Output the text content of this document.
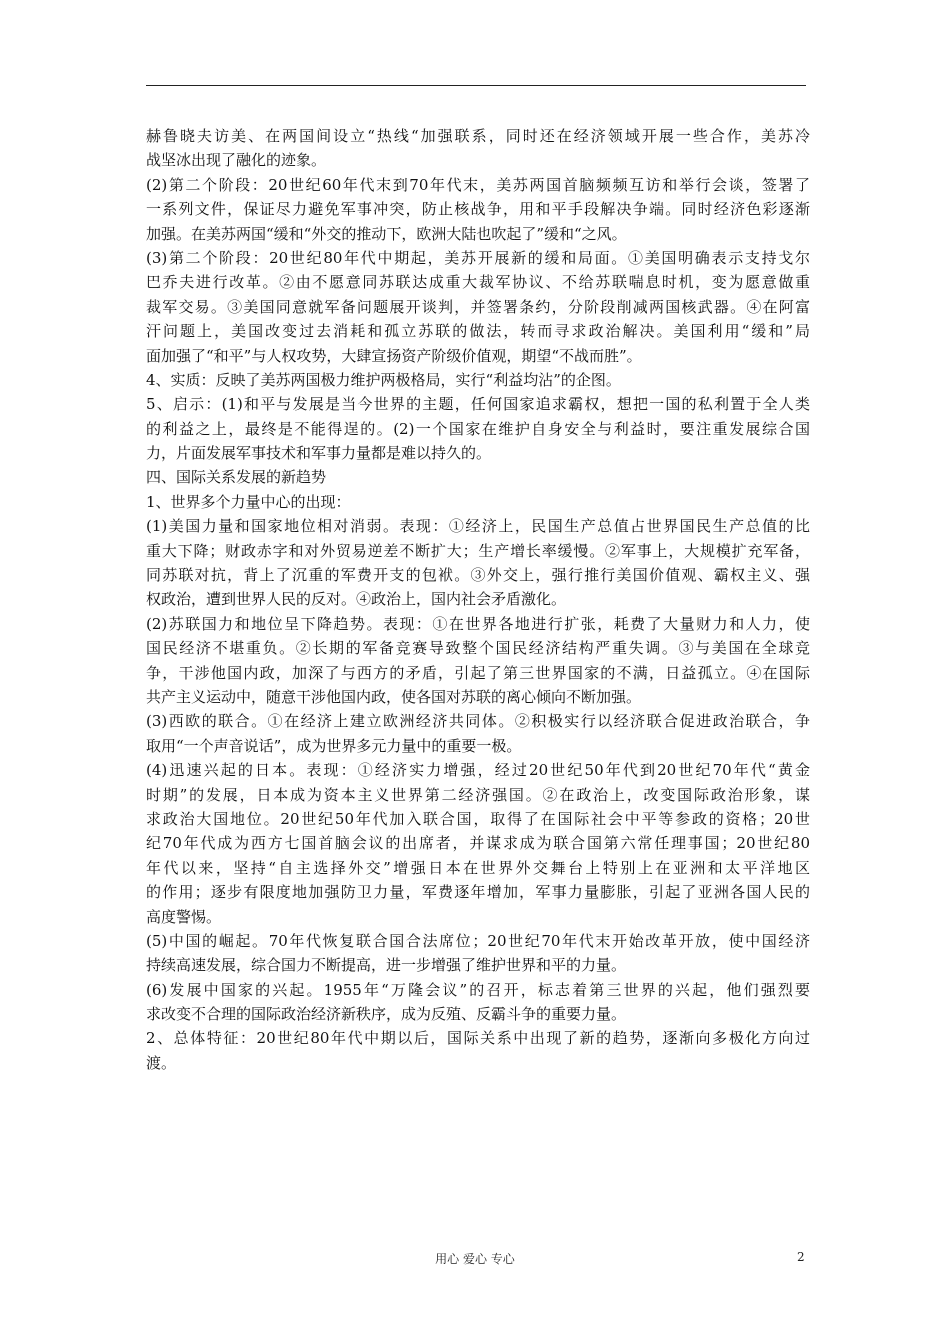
赫鲁晓夫访美、在两国间设立“热线“加强联系，同时还在经济领域开展一些合作，美苏冷
战坚冰出现了融化的迹象。
(2)第二个阶段：20世纪60年代末到70年代末，美苏两国首脑频频互访和举行会谈，签署了
一系列文件，保证尽力避免军事冲突，防止核战争，用和平手段解决争端。同时经济色彩逐渐
加强。在美苏两国“缓和“外交的推动下，欧洲大陆也吹起了”缓和“之风。
(3)第二个阶段：20世纪80年代中期起，美苏开展新的缓和局面。①美国明确表示支持戈尔
巴乔夫进行改革。②由不愿意同苏联达成重大裁军协议、不给苏联喘息时机，变为愿意做重
裁军交易。③美国同意就军备问题展开谈判，并签署条约，分阶段削减两国核武器。④在阿富
汗问题上，美国改变过去消耗和孤立苏联的做法，转而寻求政治解决。美国利用“缓和”局
面加强了“和平”与人权攻势，大肆宣扬资产阶级价值观，期望“不战而胜”。
4、实质：反映了美苏两国极力维护两极格局，实行“利益均沾”的企图。
5、启示：(1)和平与发展是当今世界的主题，任何国家追求霸权，想把一国的私利置于全人类
的利益之上，最终是不能得逞的。(2)一个国家在维护自身安全与利益时，要注重发展综合国
力，片面发展军事技术和军事力量都是难以持久的。
四、国际关系发展的新趋势
1、世界多个力量中心的出现：
(1)美国力量和国家地位相对消弱。表现：①经济上，民国生产总值占世界国民生产总值的比
重大下降；财政赤字和对外贸易逆差不断扩大；生产增长率缓慢。②军事上，大规模扩充军备，
同苏联对抗，背上了沉重的军费开支的包袱。③外交上，强行推行美国价值观、霸权主义、强
权政治，遭到世界人民的反对。④政治上，国内社会矛盾激化。
(2)苏联国力和地位呈下降趋势。表现：①在世界各地进行扩张，耗费了大量财力和人力，使
国民经济不堪重负。②长期的军备竞赛导致整个国民经济结构严重失调。③与美国在全球竞
争，干涉他国内政，加深了与西方的矛盾，引起了第三世界国家的不满，日益孤立。④在国际
共产主义运动中，随意干涉他国内政，使各国对苏联的离心倾向不断加强。
(3)西欧的联合。①在经济上建立欧洲经济共同体。②积极实行以经济联合促进政治联合，争
取用“一个声音说话”，成为世界多元力量中的重要一极。
(4)迅速兴起的日本。表现：①经济实力增强，经过20世纪50年代到20世纪70年代“黄金
时期”的发展，日本成为资本主义世界第二经济强国。②在政治上，改变国际政治形象，谋
求政治大国地位。20世纪50年代加入联合国，取得了在国际社会中平等参政的资格；20世
纪70年代成为西方七国首脑会议的出席者，并谋求成为联合国第六常任理事国；20世纪80
年代以来，坚持“自主选择外交”增强日本在世界外交舞台上特别上在亚洲和太平洋地区
的作用；逐步有限度地加强防卫力量，军费逐年增加，军事力量膨胀，引起了亚洲各国人民的
高度警惕。
(5)中国的崛起。70年代恢复联合国合法席位；20世纪70年代末开始改革开放，使中国经济
持续高速发展，综合国力不断提高，进一步增强了维护世界和平的力量。
(6)发展中国家的兴起。1955年“万隆会议”的召开，标志着第三世界的兴起，他们强烈要
求改变不合理的国际政治经济新秩序，成为反殖、反霸斗争的重要力量。
2、总体特征：20世纪80年代中期以后，国际关系中出现了新的趋势，逐渐向多极化方向过
渡。
用心 爱心 专心	2
